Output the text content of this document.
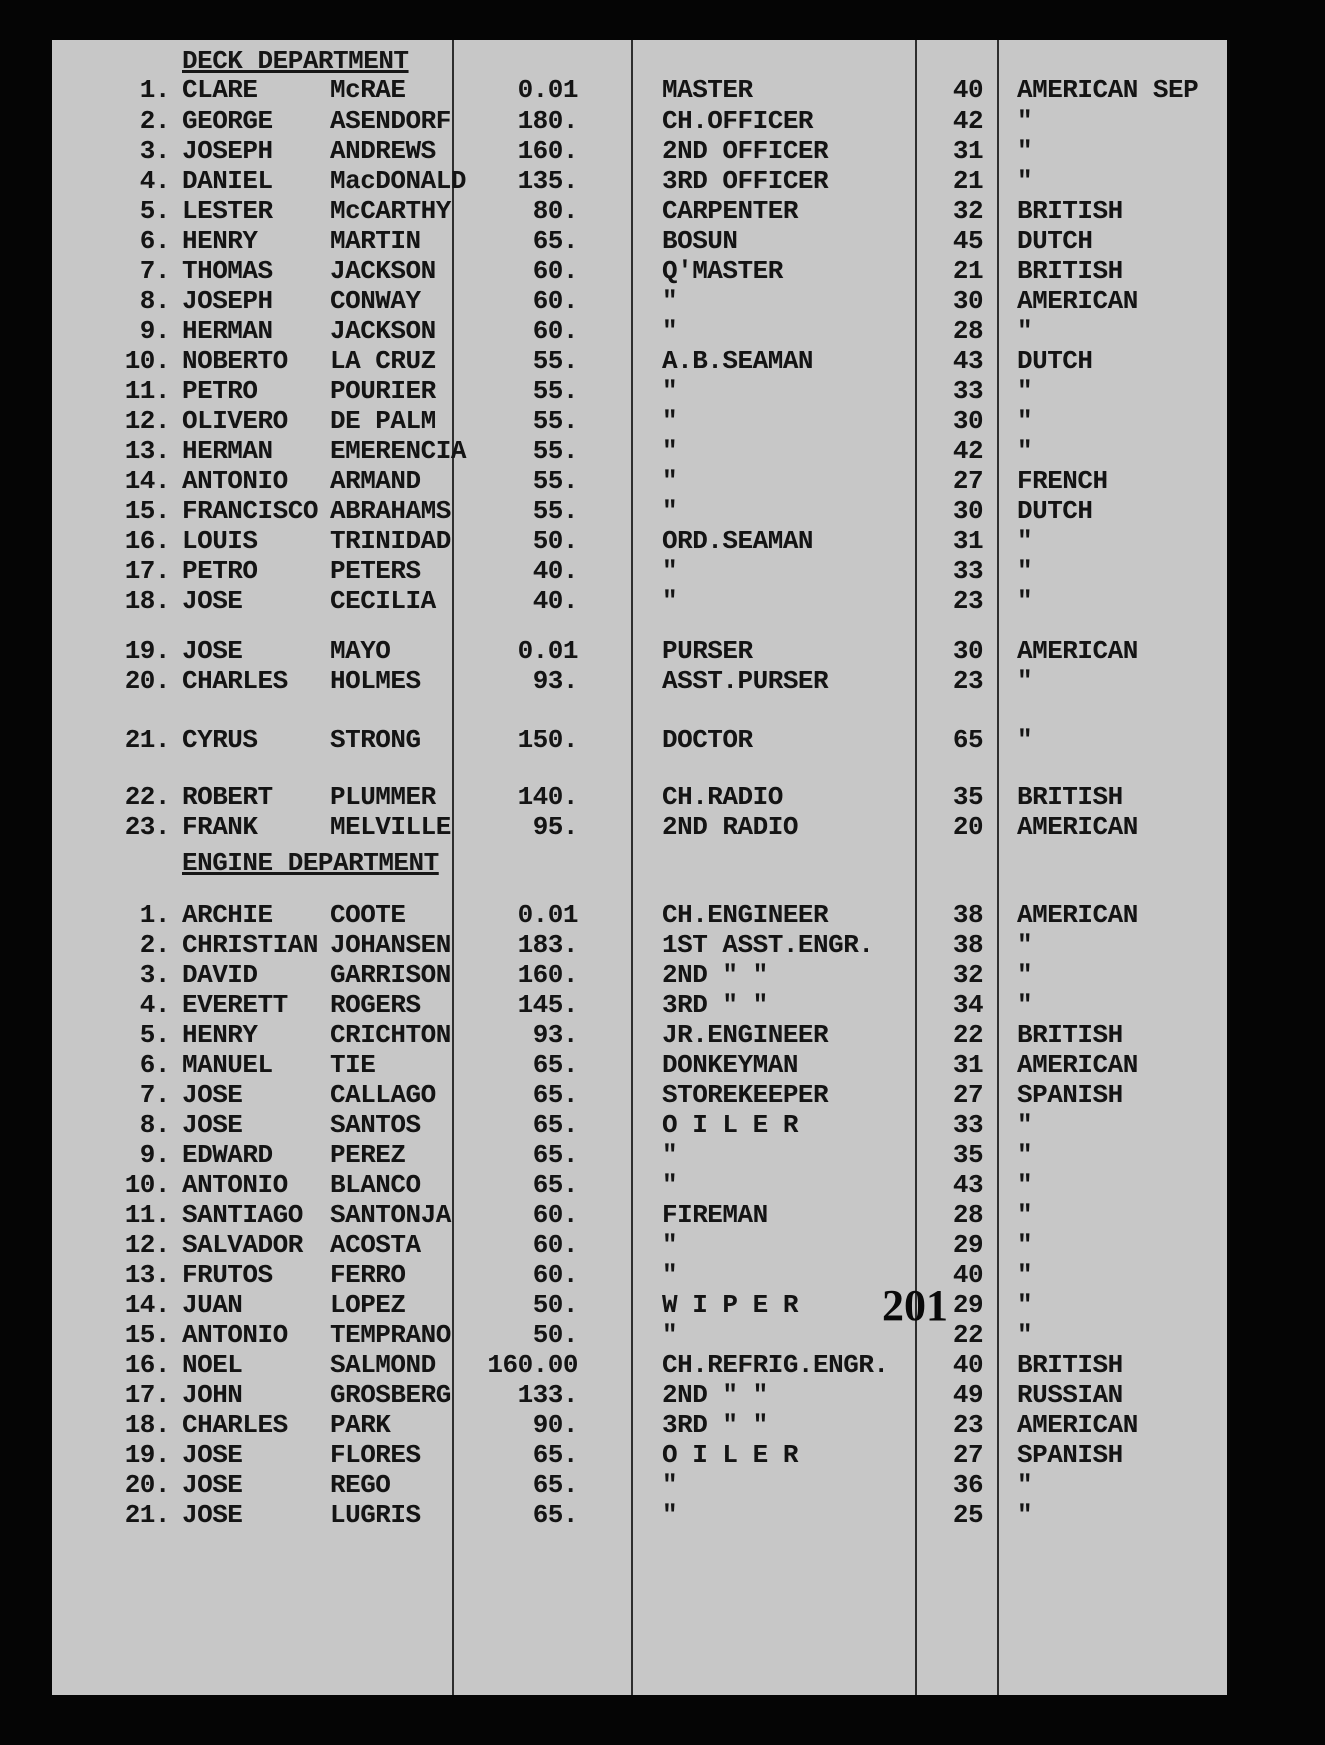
DECK DEPARTMENT
1. CLARE	McRAE	0.01	MASTER	40	AMERICAN SEP
2. GEORGE ASENDORF	180.	CH.OFFICER	42	"
3. JOSEPH ANDREWS	160.	2ND OFFICER	31	"
4. DANIEL MacDONALD	135.	3RD OFFICER	21	"
5. LESTER McCARTHY	80.	CARPENTER	32	BRITISH
6. HENRY	MARTIN	65.	BOSUN	45	DUTCH
7. THOMAS JACKSON	60.	Q'MASTER	21	BRITISH
8. JOSEPH CONWAY	60.	"	30	AMERICAN
9. HERMAN JACKSON	60.	"	28	"
10. NOBERTO LA CRUZ	55.	A.B.SEAMAN	43	DUTCH
11. PETRO	POURIER	55.	"	33	"
12. OLIVERO DE PALM	55.	"	30	"
13. HERMAN EMERENCIA	55.	"	42	"
14. ANTONIO ARMAND	55.	"	27	FRENCH
15. FRANCISCO ABRAHAMS	55.	"	30	DUTCH
16. LOUIS	TRINIDAD	50.	ORD.SEAMAN	31	"
17. PETRO	PETERS	40.	"	33	"
18. JOSE	CECILIA	40.	"	23	"
19. JOSE	MAYO	0.01	PURSER	30	AMERICAN
20. CHARLES HOLMES	93.	ASST.PURSER	23	"
21. CYRUS	STRONG	150.	DOCTOR	65	"
22. ROBERT PLUMMER	140.	CH.RADIO	35	BRITISH
23. FRANK	MELVILLE	95.	2ND RADIO	20	AMERICAN
ENGINE DEPARTMENT
1. ARCHIE COOTE	0.01	CH.ENGINEER	38	AMERICAN
2. CHRISTIAN JOHANSEN	183.	1ST ASST.ENGR.	38	"
3. DAVID	GARRISON	160.	2ND " "	32	"
4. EVERETT ROGERS	145.	3RD " "	34	"
5. HENRY	CRICHTON	93.	JR.ENGINEER	22	BRITISH
6. MANUEL TIE	65.	DONKEYMAN	31	AMERICAN
7. JOSE	CALLAGO	65.	STOREKEEPER	27	SPANISH
8. JOSE	SANTOS	65.	O I L E R	33	"
9. EDWARD PEREZ	65.	"	35	"
10. ANTONIO BLANCO	65.	"	43	"
11. SANTIAGO SANTONJA	60.	FIREMAN	28	"
12. SALVADOR ACOSTA	60.	"	29	"
13. FRUTOS FERRO	60.	"	40	"
14. JUAN	LOPEZ	50.	W I P E R	29	"
15. ANTONIO TEMPRANO	50.	"	22	"
16. NOEL	SALMOND	160.00	CH.REFRIG.ENGR.	40	BRITISH
17. JOHN	GROSBERG	133.	2ND " "	49	RUSSIAN
18. CHARLES PARK	90.	3RD " "	23	AMERICAN
19. JOSE	FLORES	65.	O I L E R	27	SPANISH
20. JOSE	REGO	65.	"	36	"
21. JOSE	LUGRIS	65.	"	25	"
201
